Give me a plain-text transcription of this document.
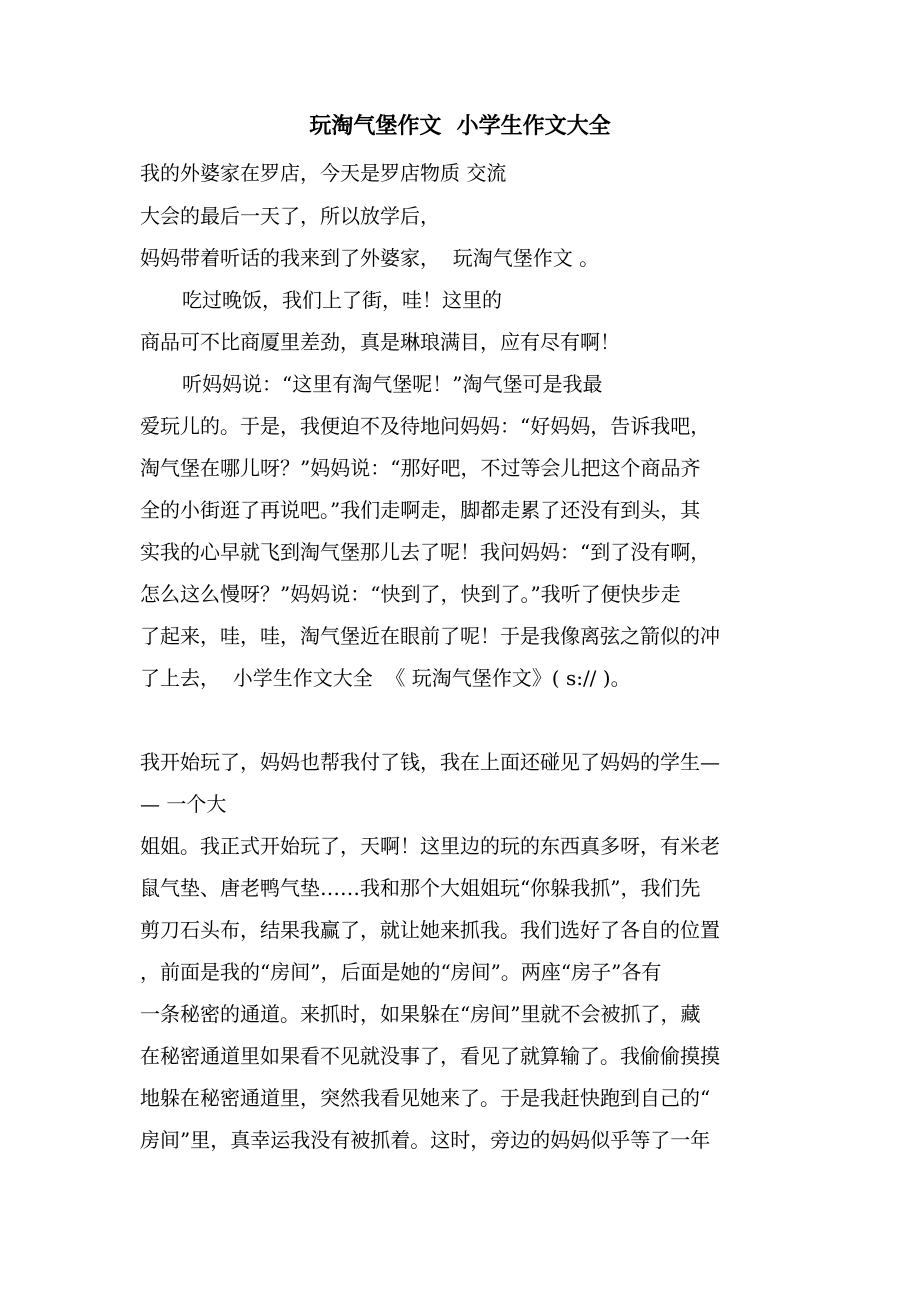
玩淘气堡作文  小学生作文大全
我的外婆家在罗店，今天是罗店物质 交流
大会的最后一天了，所以放学后，
妈妈带着听话的我来到了外婆家，  玩淘气堡作文 。
吃过晚饭，我们上了街，哇！这里的
商品可不比商厦里差劲，真是琳琅满目，应有尽有啊！
听妈妈说：“这里有淘气堡呢！”淘气堡可是我最
爱玩儿的。于是，我便迫不及待地问妈妈：“好妈妈，告诉我吧，
淘气堡在哪儿呀？”妈妈说：“那好吧，不过等会儿把这个商品齐
全的小街逛了再说吧。”我们走啊走，脚都走累了还没有到头，其
实我的心早就飞到淘气堡那儿去了呢！我问妈妈：“到了没有啊，
怎么这么慢呀？”妈妈说：“快到了，快到了。”我听了便快步走
了起来，哇，哇，淘气堡近在眼前了呢！于是我像离弦之箭似的冲
了上去，  小学生作文大全  《 玩淘气堡作文》( s:// )。
我开始玩了，妈妈也帮我付了钱，我在上面还碰见了妈妈的学生—
— 一个大
姐姐。我正式开始玩了，天啊！这里边的玩的东西真多呀，有米老
鼠气垫、唐老鸭气垫……我和那个大姐姐玩“你躲我抓”，我们先
剪刀石头布，结果我赢了，就让她来抓我。我们选好了各自的位置
，前面是我的“房间”，后面是她的“房间”。两座“房子”各有
一条秘密的通道。来抓时，如果躲在“房间”里就不会被抓了，藏
在秘密通道里如果看不见就没事了，看见了就算输了。我偷偷摸摸
地躲在秘密通道里，突然我看见她来了。于是我赶快跑到自己的“
房间”里，真幸运我没有被抓着。这时，旁边的妈妈似乎等了一年
